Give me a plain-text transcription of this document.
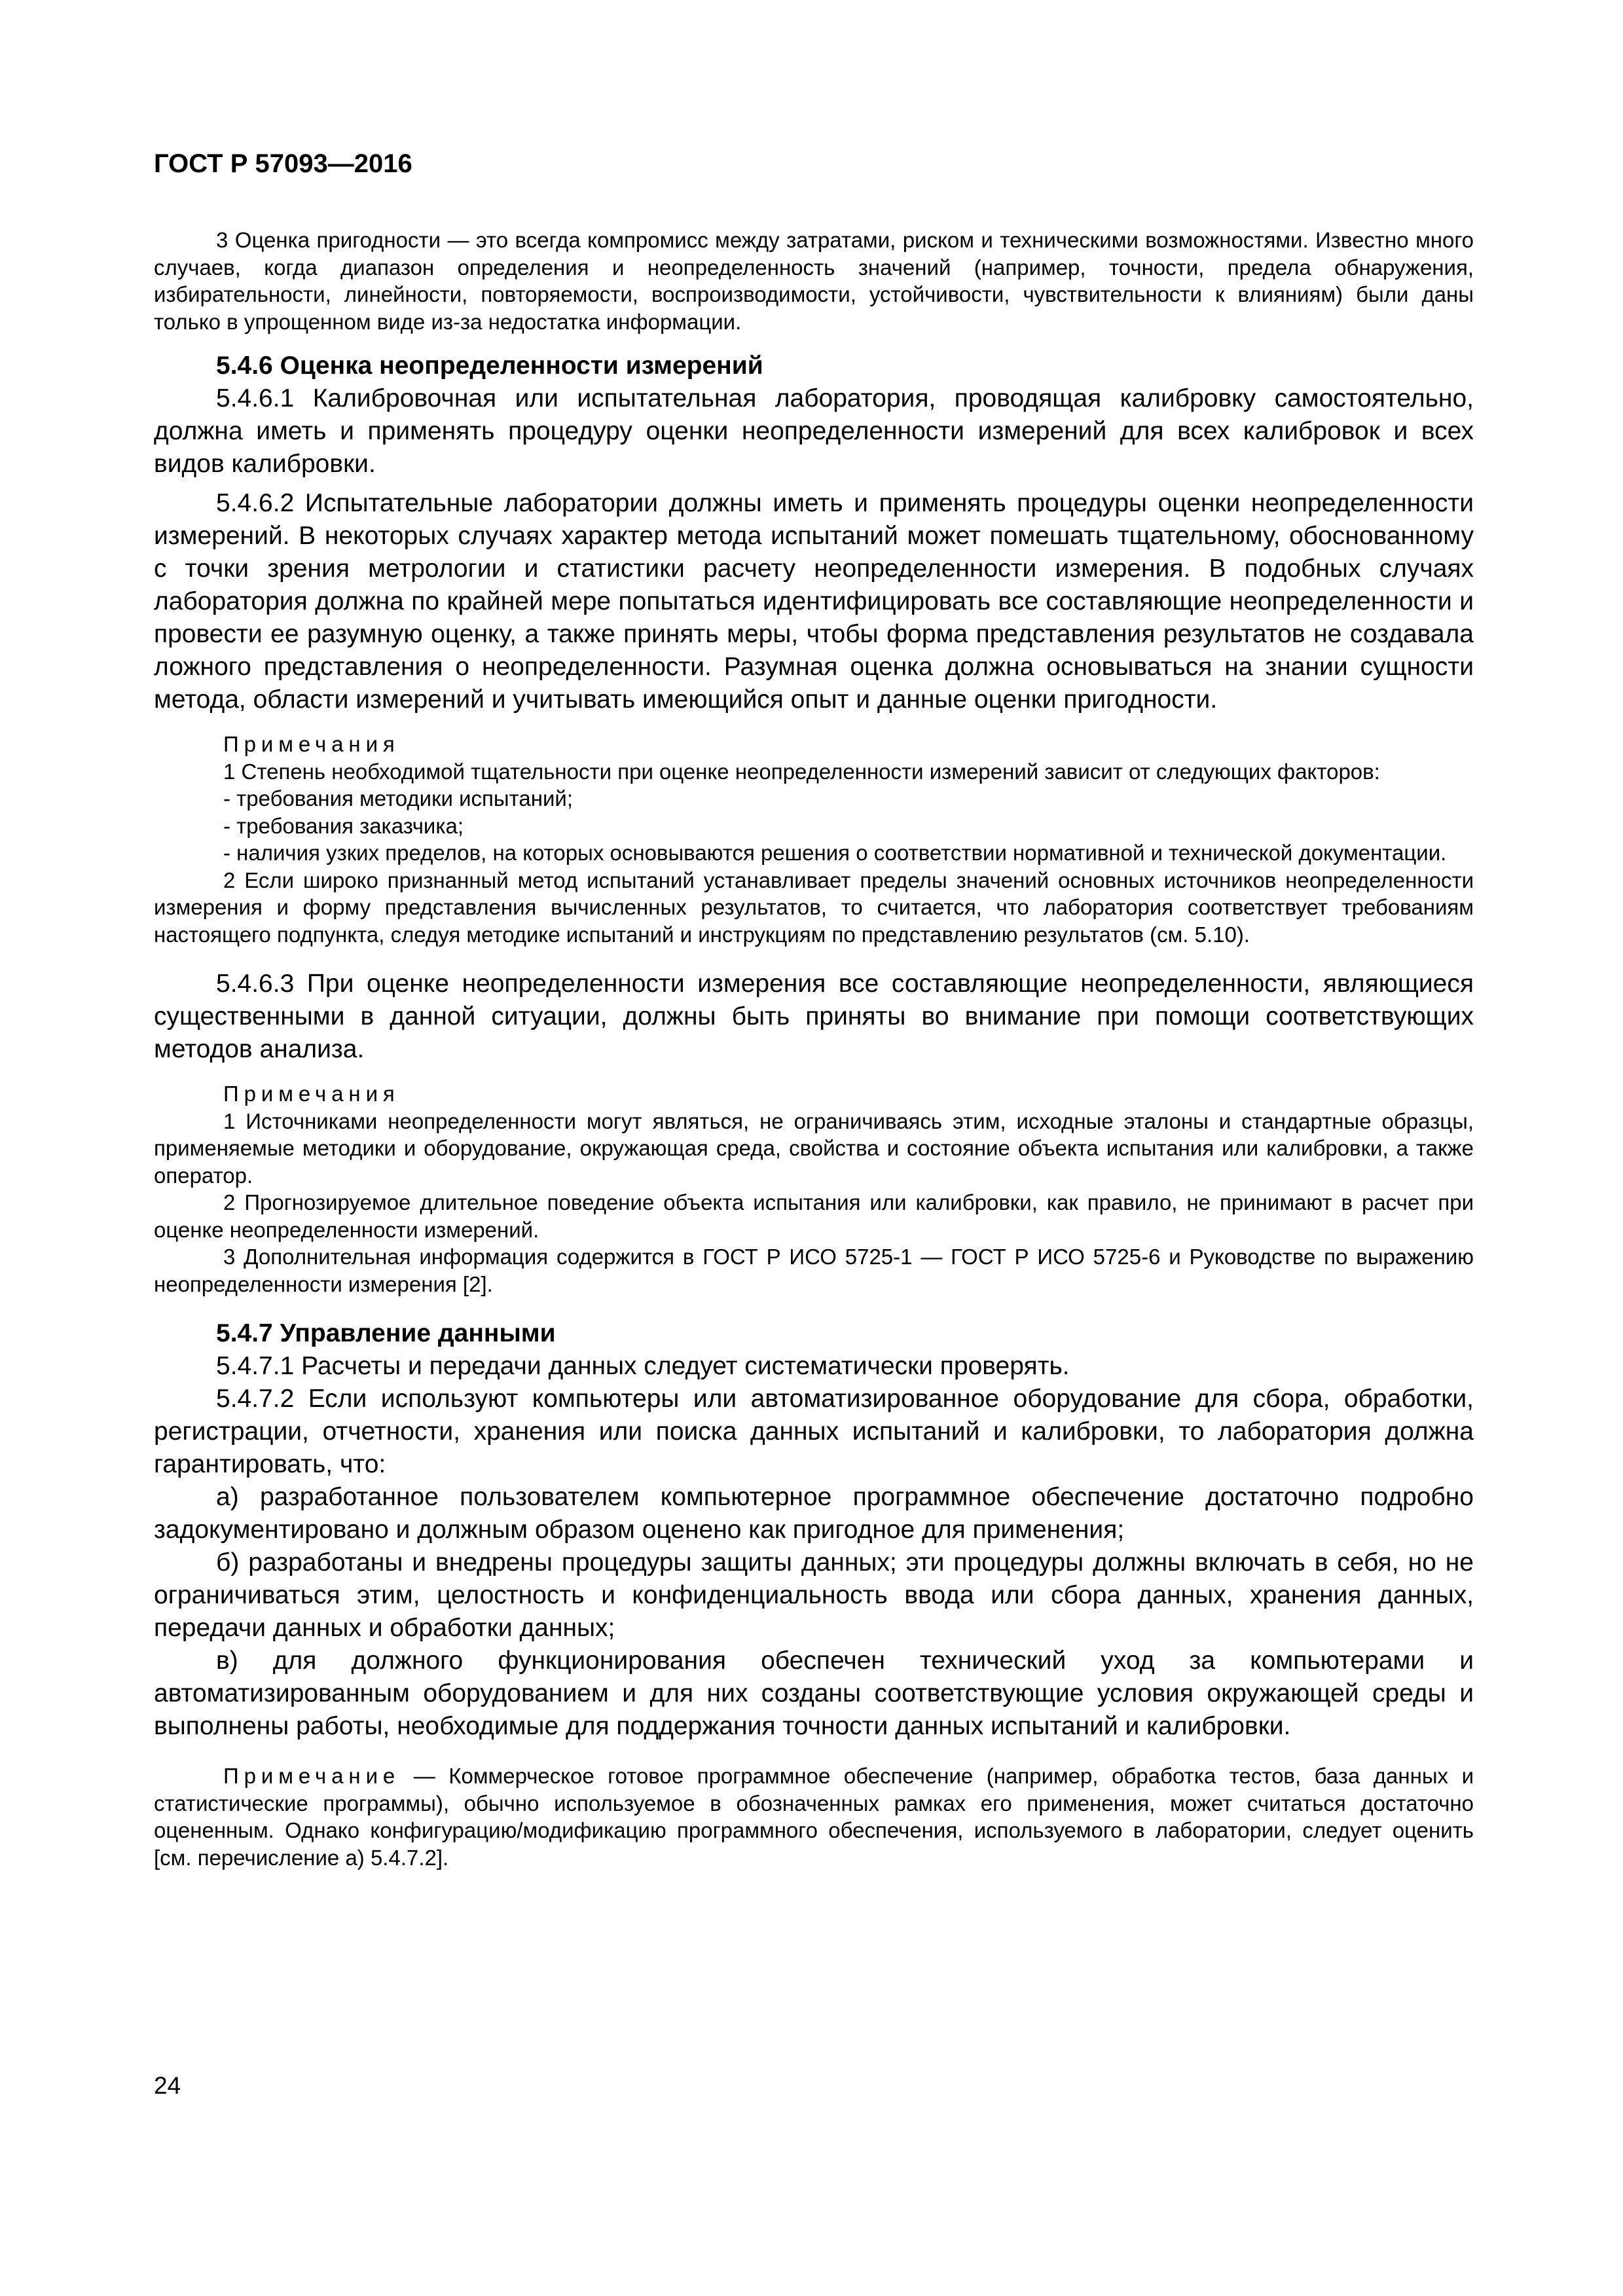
ГОСТ Р 57093—2016

3 Оценка пригодности — это всегда компромисс между затратами, риском и техническими возможностями. Известно много случаев, когда диапазон определения и неопределенность значений (например, точности, предела обнаружения, избирательности, линейности, повторяемости, воспроизводимости, устойчивости, чувствительности к влияниям) были даны только в упрощенном виде из-за недостатка информации.

5.4.6 Оценка неопределенности измерений

5.4.6.1 Калибровочная или испытательная лаборатория, проводящая калибровку самостоятельно, должна иметь и применять процедуру оценки неопределенности измерений для всех калибровок и всех видов калибровки.

5.4.6.2 Испытательные лаборатории должны иметь и применять процедуры оценки неопределенности измерений. В некоторых случаях характер метода испытаний может помешать тщательному, обоснованному с точки зрения метрологии и статистики расчету неопределенности измерения. В подобных случаях лаборатория должна по крайней мере попытаться идентифицировать все составляющие неопределенности и провести ее разумную оценку, а также принять меры, чтобы форма представления результатов не создавала ложного представления о неопределенности. Разумная оценка должна основываться на знании сущности метода, области измерений и учитывать имеющийся опыт и данные оценки пригодности.

Примечания

1 Степень необходимой тщательности при оценке неопределенности измерений зависит от следующих факторов:

- требования методики испытаний;

- требования заказчика;

- наличия узких пределов, на которых основываются решения о соответствии нормативной и технической документации.

2 Если широко признанный метод испытаний устанавливает пределы значений основных источников неопределенности измерения и форму представления вычисленных результатов, то считается, что лаборатория соответствует требованиям настоящего подпункта, следуя методике испытаний и инструкциям по представлению результатов (см. 5.10).

5.4.6.3 При оценке неопределенности измерения все составляющие неопределенности, являющиеся существенными в данной ситуации, должны быть приняты во внимание при помощи соответствующих методов анализа.

Примечания

1 Источниками неопределенности могут являться, не ограничиваясь этим, исходные эталоны и стандартные образцы, применяемые методики и оборудование, окружающая среда, свойства и состояние объекта испытания или калибровки, а также оператор.

2 Прогнозируемое длительное поведение объекта испытания или калибровки, как правило, не принимают в расчет при оценке неопределенности измерений.

3 Дополнительная информация содержится в ГОСТ Р ИСО 5725-1 — ГОСТ Р ИСО 5725-6 и Руководстве по выражению неопределенности измерения [2].

5.4.7 Управление данными

5.4.7.1 Расчеты и передачи данных следует систематически проверять.

5.4.7.2 Если используют компьютеры или автоматизированное оборудование для сбора, обработки, регистрации, отчетности, хранения или поиска данных испытаний и калибровки, то лаборатория должна гарантировать, что:

а) разработанное пользователем компьютерное программное обеспечение достаточно подробно задокументировано и должным образом оценено как пригодное для применения;

б) разработаны и внедрены процедуры защиты данных; эти процедуры должны включать в себя, но не ограничиваться этим, целостность и конфиденциальность ввода или сбора данных, хранения данных, передачи данных и обработки данных;

в) для должного функционирования обеспечен технический уход за компьютерами и автоматизированным оборудованием и для них созданы соответствующие условия окружающей среды и выполнены работы, необходимые для поддержания точности данных испытаний и калибровки.

Примечание — Коммерческое готовое программное обеспечение (например, обработка тестов, база данных и статистические программы), обычно используемое в обозначенных рамках его применения, может считаться достаточно оцененным. Однако конфигурацию/модификацию программного обеспечения, используемого в лаборатории, следует оценить [см. перечисление а) 5.4.7.2].

24
